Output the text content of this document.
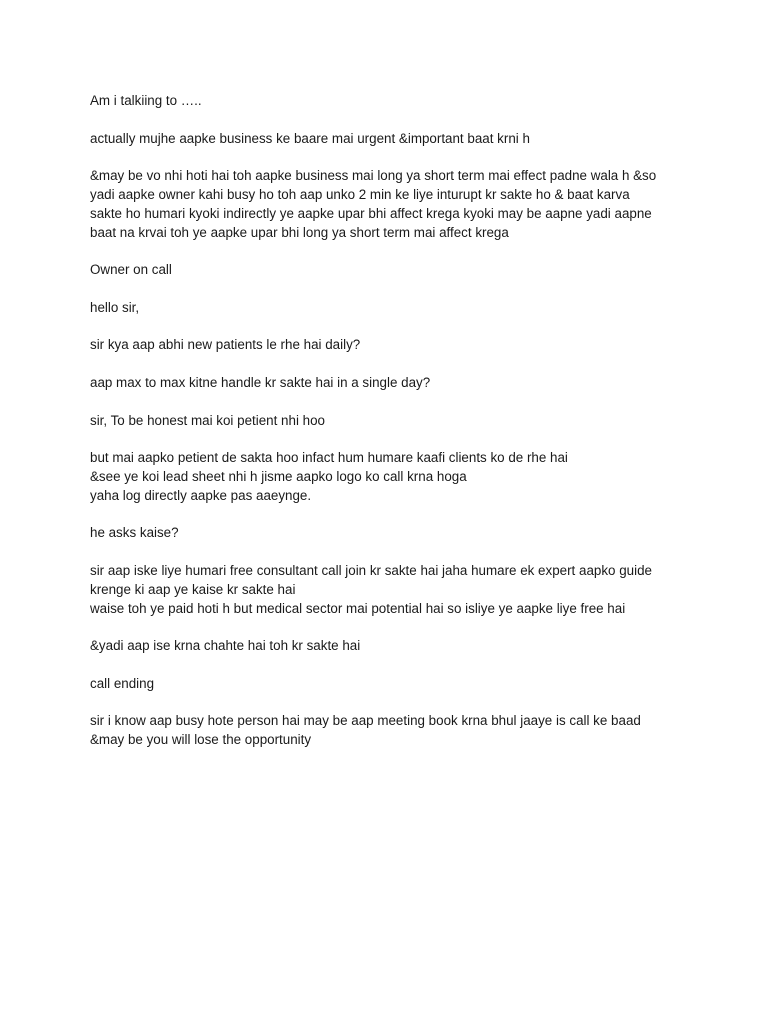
Am i talkiing to …..

actually mujhe aapke business ke baare mai urgent &important baat krni h

&may be vo nhi hoti hai toh aapke business mai long ya short term mai effect padne wala h &so
yadi aapke owner kahi busy ho toh aap unko 2 min ke liye inturupt kr sakte ho & baat karva
sakte ho humari kyoki indirectly ye aapke upar bhi affect krega kyoki may be aapne yadi aapne
baat na krvai toh ye aapke upar bhi long ya short term mai affect krega

Owner on call

hello sir,

sir kya aap abhi new patients le rhe hai daily?

aap max to max kitne handle kr sakte hai in a single day?

sir, To be honest mai koi petient nhi hoo

but mai aapko petient de sakta hoo infact hum humare kaafi clients ko de rhe hai
&see ye koi lead sheet nhi h jisme aapko logo ko call krna hoga
yaha log directly aapke pas aaeynge.

he asks kaise?

sir aap iske liye humari free consultant call join kr sakte hai jaha humare ek expert aapko guide
krenge ki aap ye kaise kr sakte hai
waise toh ye paid hoti h but medical sector mai potential hai so isliye ye aapke liye free hai

&yadi aap ise krna chahte hai toh kr sakte hai

call ending

sir i know aap busy hote person hai may be aap meeting book krna bhul jaaye is call ke baad
&may be you will lose the opportunity
